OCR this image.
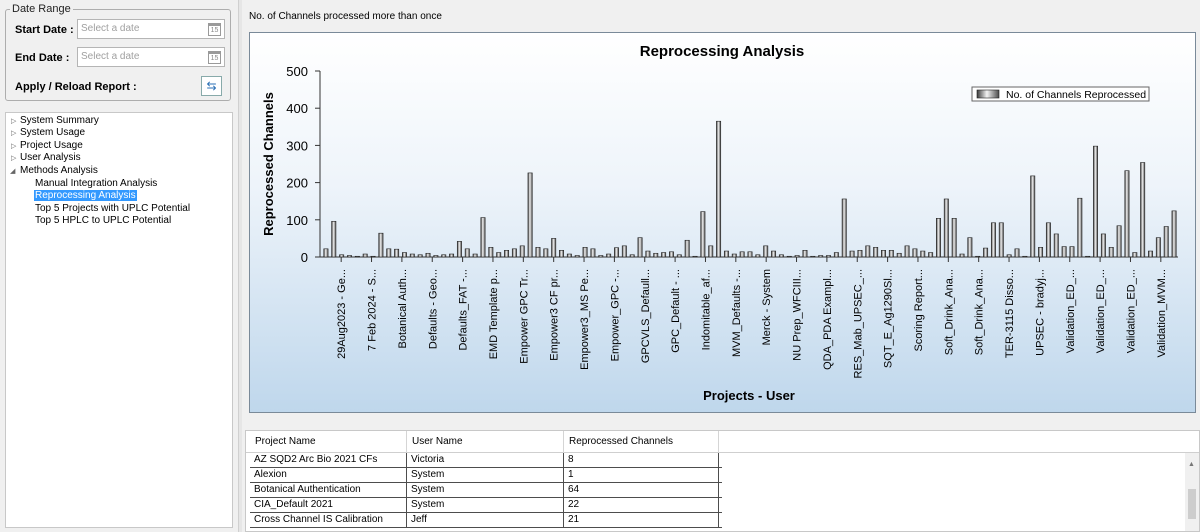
Date Range
Start Date : Select a date	15
End Date :	Select a date	15
Apply / Reload Report :	⇆
▷ System Summary
▷ System Usage
▷ Project Usage
▷ User Analysis
◢ Methods Analysis
Manual Integration Analysis
Reprocessing Analysis
Top 5 Projects with UPLC Potential
Top 5 HPLC to UPLC Potential
No. of Channels processed more than once
Reprocessing Analysis
Reprocessed Channels
Projects - User
0
100
200
300
400
500
29Aug2023 - Ge... 7 Feb 2024 - S... Botanical Auth... Defaults - Geo... Defaults_FAT -... EMD Template p... Empower GPC Tr... Empower3 CF pr... Empower3_MS Pe... Empower_GPC -... GPCVLS_Defaull... GPC_Default - ... Indomitable_af... MVM_Defaults -... Merck - System NU Prep_WFCIII... QDA_PDA Exampl... RES_Mab_UPSEC_... SQT_E_Ag1290Sl... Scoring Report... Soft_Drink_Ana... Soft_Drink_Ana... TER-3115 Disso... UPSEC - bradyj... Validation_ED_... Validation_ED_... Validation_ED_... Validation_MVM...
No. of Channels Reprocessed
Project Name	User Name	Reprocessed Channels
AZ SQD2 Arc Bio 2021 CFs	Victoria	8
Alexion	System	1
Botanical Authentication	System	64
CIA_Default 2021	System	22
Cross Channel IS Calibration	Jeff	21
▲
